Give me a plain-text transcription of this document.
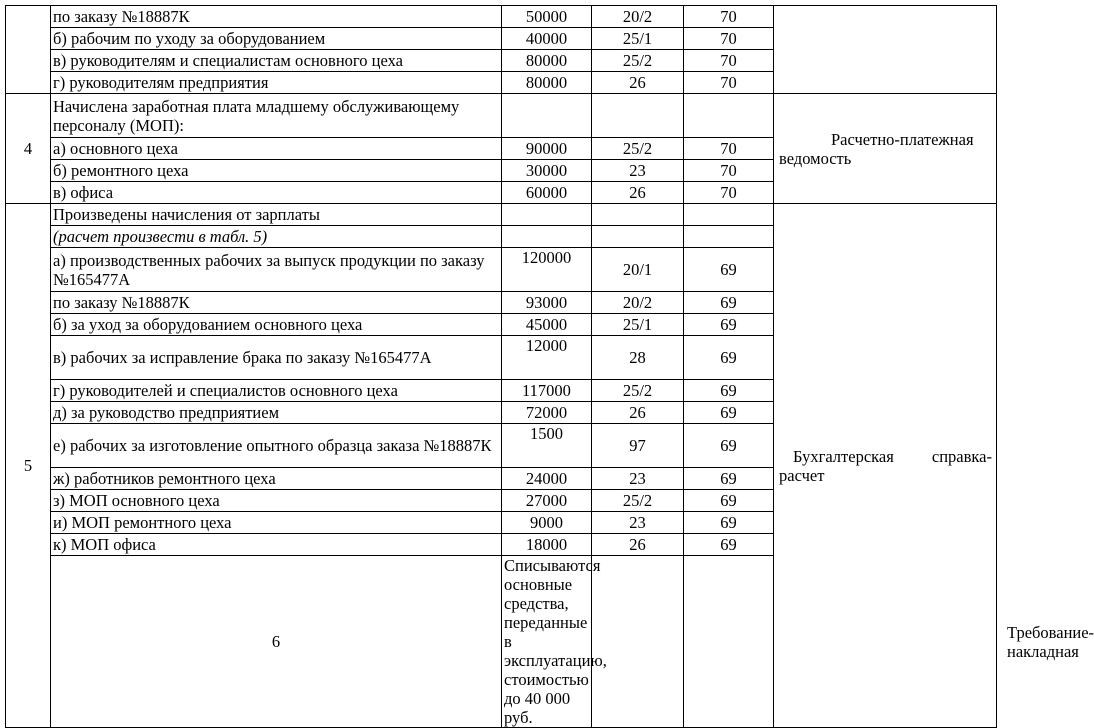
	по заказу №18887К	50000	20/2	70		
	б) рабочим по уходу за оборудованием	40000	25/1	70		
	в) руководителям и специалистам основного цеха	80000	25/2	70		
	г) руководителям предприятия	80000	26	70		
4	Начислена заработная плата младшему обслуживающему персоналу (МОП):				Расчетно-платежная
ведомость	

	а) основного цеха	90000	25/2	70		
	б) ремонтного цеха	30000	23	70		
	в) офиса	60000	26	70		
5	Произведены начисления от зарплаты				Бухгалтерская справка-
расчет	

	(расчет произвести в табл. 5)					
	а) производственных рабочих за выпуск продукции по заказу №165477А	120000	20/1	69		
	по заказу №18887К	93000	20/2	69		
	б) за уход за оборудованием основного цеха	45000	25/1	69		
	в) рабочих за исправление брака по заказу №165477А	12000	28	69		
	г) руководителей и специалистов основного цеха	117000	25/2	69		
	д) за руководство предприятием	72000	26	69		
	е) рабочих за изготовление опытного образца заказа №18887К	1500	97	69		
	ж) работников ремонтного цеха	24000	23	69		
	з) МОП основного цеха	27000	25/2	69		
	и) МОП ремонтного цеха	9000	23	69		
	к) МОП офиса	18000	26	69		
	6	Списываются основные средства, переданные в эксплуатацию, стоимостью до 40 000 руб.				Требование-накладная
